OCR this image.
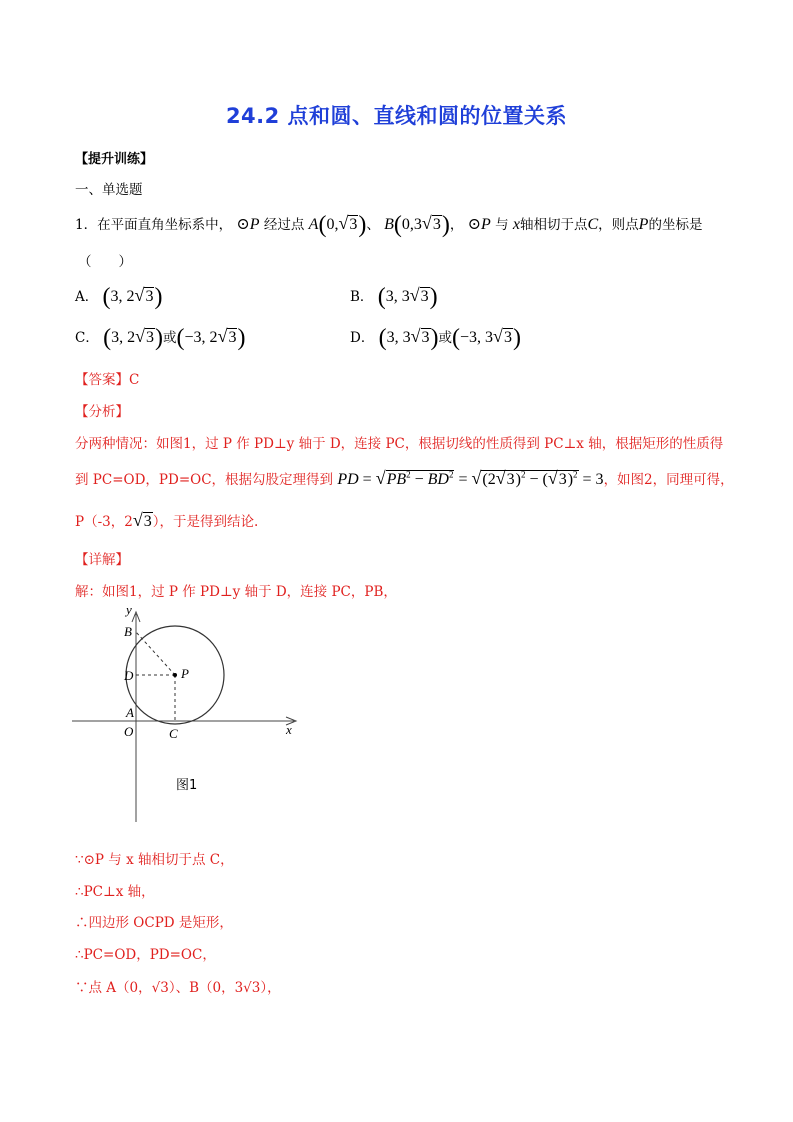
24.2 点和圆、直线和圆的位置关系
【提升训练】
一、单选题
1．在平面直角坐标系中， ⊙P 经过点 A(0,√3)、 B(0,3√3)， ⊙P 与 x轴相切于点C，则点P的坐标是
（　　）
A． (3, 2√3)	B． (3, 3√3)
C． (3, 2√3)或(−3, 2√3)	D． (3, 3√3)或(−3, 3√3)
【答案】C
【分析】
分两种情况：如图1，过 P 作 PD⊥y 轴于 D，连接 PC，根据切线的性质得到 PC⊥x 轴，根据矩形的性质得
到 PC=OD，PD=OC，根据勾股定理得到 PD = $√PB^2 - BD^2 = √(2√3)^2 - (√3)^2 = 3$，如图2，同理可得，
P（-3，2√3），于是得到结论.
【详解】
解：如图1，过 P 作 PD⊥y 轴于 D，连接 PC，PB，
y
x
B
D	P
A
O	C
图1
∵⊙P 与 x 轴相切于点 C，
∴PC⊥x 轴，
∴四边形 OCPD 是矩形，
∴PC=OD，PD=OC，
∵点 A（0，√3）、B（0，3√3），
